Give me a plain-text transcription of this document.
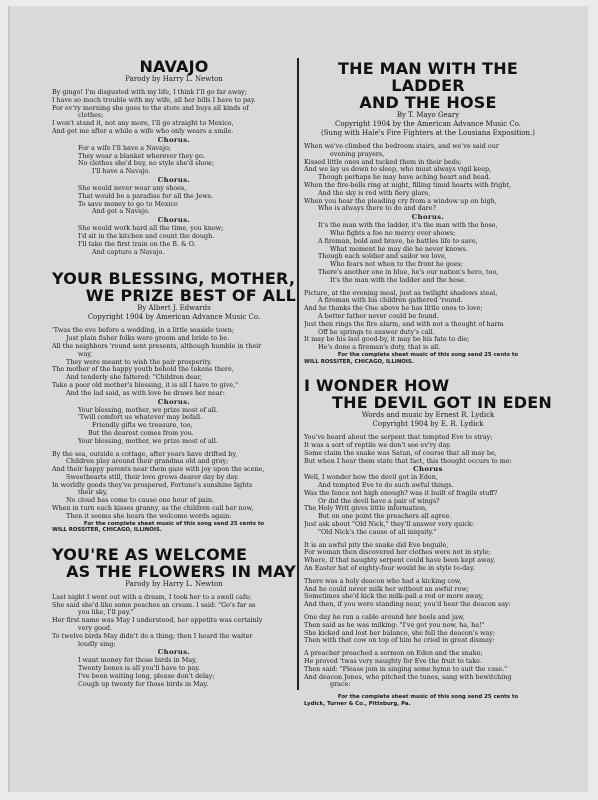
NAVAJO
Parody by Harry L. Newton
By gingo! I'm disgusted with my life, I think I'll go far away;
I have so much trouble with my wife, all her bills I have to pay.
For ev'ry morning she goes to the store and buys all kinds of
clothes;
I won't stand it, not any more, I'll go straight to Mexico,
And get me after a while a wife who only wears a smile.
Chorus.
For a wife I'll have a Navajo;
They wear a blanket wherever they go.
No clothes she'd buy, no style she'd show;
I'll have a Navajo.
Chorus.
She would never wear any shoes,
That would be a paradise for all the Jews.
To save money to go to Mexico
And get a Navajo.
Chorus.
She would work hard all the time, you know;
I'd sit in the kitchen and count the dough.
I'll take the first train on the B. & O.
And capture a Navajo.
YOUR BLESSING, MOTHER,
WE PRIZE BEST OF ALL
By Albert J. Edwards
Copyright 1904 by American Advance Music Co.
'Twas the eve before a wedding, in a little seaside town;
Just plain fisher folks were groom and bride to be.
All the neighbors 'round sent presents, although humble in their
way,
They were meant to wish the pair prosperity.
The mother of the happy youth behold the tokens there,
And tenderly she faltered: "Children dear,
Take a poor old mother's blessing, it is all I have to give,"
And the lad said, as with love he draws her near:
Chorus.
Your blessing, mother, we prize most of all.
'Twill comfort us whatever may befall.
Friendly gifts we treasure, too,
But the dearest comes from you.
Your blessing, mother, we prize most of all.
By the sea, outside a cottage, after years have drifted by,
Children play around their grandma old and gray;
And their happy parents near them gaze with joy upon the scene,
Sweethearts still, their love grows dearer day by day.
In worldly goods they've prospered, Fortune's sunshine lights
their sky,
No cloud has come to cause one hour of pain.
When in turn each kisses granny, as the children call her now,
Then it seems she hears the welcome words again:
For the complete sheet music of this song send 25 cents to
WILL ROSSITER, CHICAGO, ILLINOIS.
YOU'RE AS WELCOME
AS THE FLOWERS IN MAY
Parody by Harry L. Newton
Last night I went out with a dream, I took her to a swell cafe;
She said she'd like some peaches an cream. I said: "Go's far as
you like, I'll pay."
Her first name was May I understood, her appetite was certainly
very good.
To twelve birds May didn't do a thing; then I heard the waiter
loudly sing:
Chorus.
I want money for those birds in May,
Twenty bones is all you'll have to pay.
I've been waiting long, please don't delay;
Cough up twenty for those birds in May.
THE MAN WITH THE LADDER
AND THE HOSE
By T. Mayo Geary
Copyright 1904 by the American Advance Music Co.
(Sung with Hale's Fire Fighters at the Lousiana Exposition.)
When we've climbed the bedroom stairs, and we've said our
evening prayers,
Kissed little ones and tucked them in their beds;
And we lay us down to sleep, who must always vigil keep,
Though perhaps he may have aching heart and head.
When the fire-bells ring at night, filling timid hearts with fright,
And the sky is red with fiery glare,
When you hear the pleading cry from a window up on high,
Who is always there to do and dare?
Chorus.
It's the man with the ladder, it's the man with the hose,
Who fights a foe no mercy ever shows;
A fireman, bold and brave, he battles life to save,
What moment he may die he never knows.
Though each soldier and sailor we love,
Who fears not when to the front he goes;
There's another one in blue, he's our nation's hero, too,
It's the man with the ladder and the hose.
Picture, at the evening meal, just as twilight shadows steal,
A fireman with his children gathered 'round.
And he thanks the One above he has little ones to love;
A better father never could be found.
Just then rings the fire alarm, and with not a thought of harm
Off he springs to answer duty's call.
It may be his last good-by, it may be his fate to die;
He's done a fireman's duty, that is all.
For the complete sheet music of this song send 25 cents to
WILL ROSSITER, CHICAGO, ILLINOIS.
I WONDER HOW
THE DEVIL GOT IN EDEN
Words and music by Ernest R. Lydick
Copyright 1904 by E. R. Lydick
You've heard about the serpent that tempted Eve to stray;
It was a sort of reptile we don't see ev'ry day.
Some claim the snake was Satan, of course that all may be,
But when I hear them state that fact, this thought occurs to me:
Chorus
Well, I wonder how the devil got in Eden,
And tempted Eve to do such awful things.
Was the fence not high enough? was it built of fragile stuff?
Or did the devil have a pair of wings?
The Holy Writ gives little information,
But on one point the preachers all agree.
Just ask about "Old Nick," they'll answer very quick:
"Old Nick's the cause of all iniquity."
It is an awful pity the snake did Eve beguile,
For woman then discovered her clothes were not in style;
Where, if that naughty serpent could have been kept away,
An Easter hat of eighty-four would be in style to-day.
There was a holy deacon who had a kicking cow,
And he could never milk her without an awful row;
Sometimes she'd kick the milk-pail a rod or more away,
And then, if you were standing near, you'd hear the deacon say:
One day he ran a cable around her heels and jaw,
Then said as he was milking: "I've got you now, ha, ha!"
She kicked and lost her balance, she fell the deacon's way;
Then with that cow on top of him he cried in great dismay:
A preacher preached a sermon on Eden and the snake;
He proved 'twas very naughty for Eve the fruit to take.
Then said: "Please join in singing some hymn to suit the case."
And deacon Jones, who pitched the tunes, sang with bewitching
grace:
For the complete sheet music of this song send 25 cents to
Lydick, Turner & Co., Pittsburg, Pa.
